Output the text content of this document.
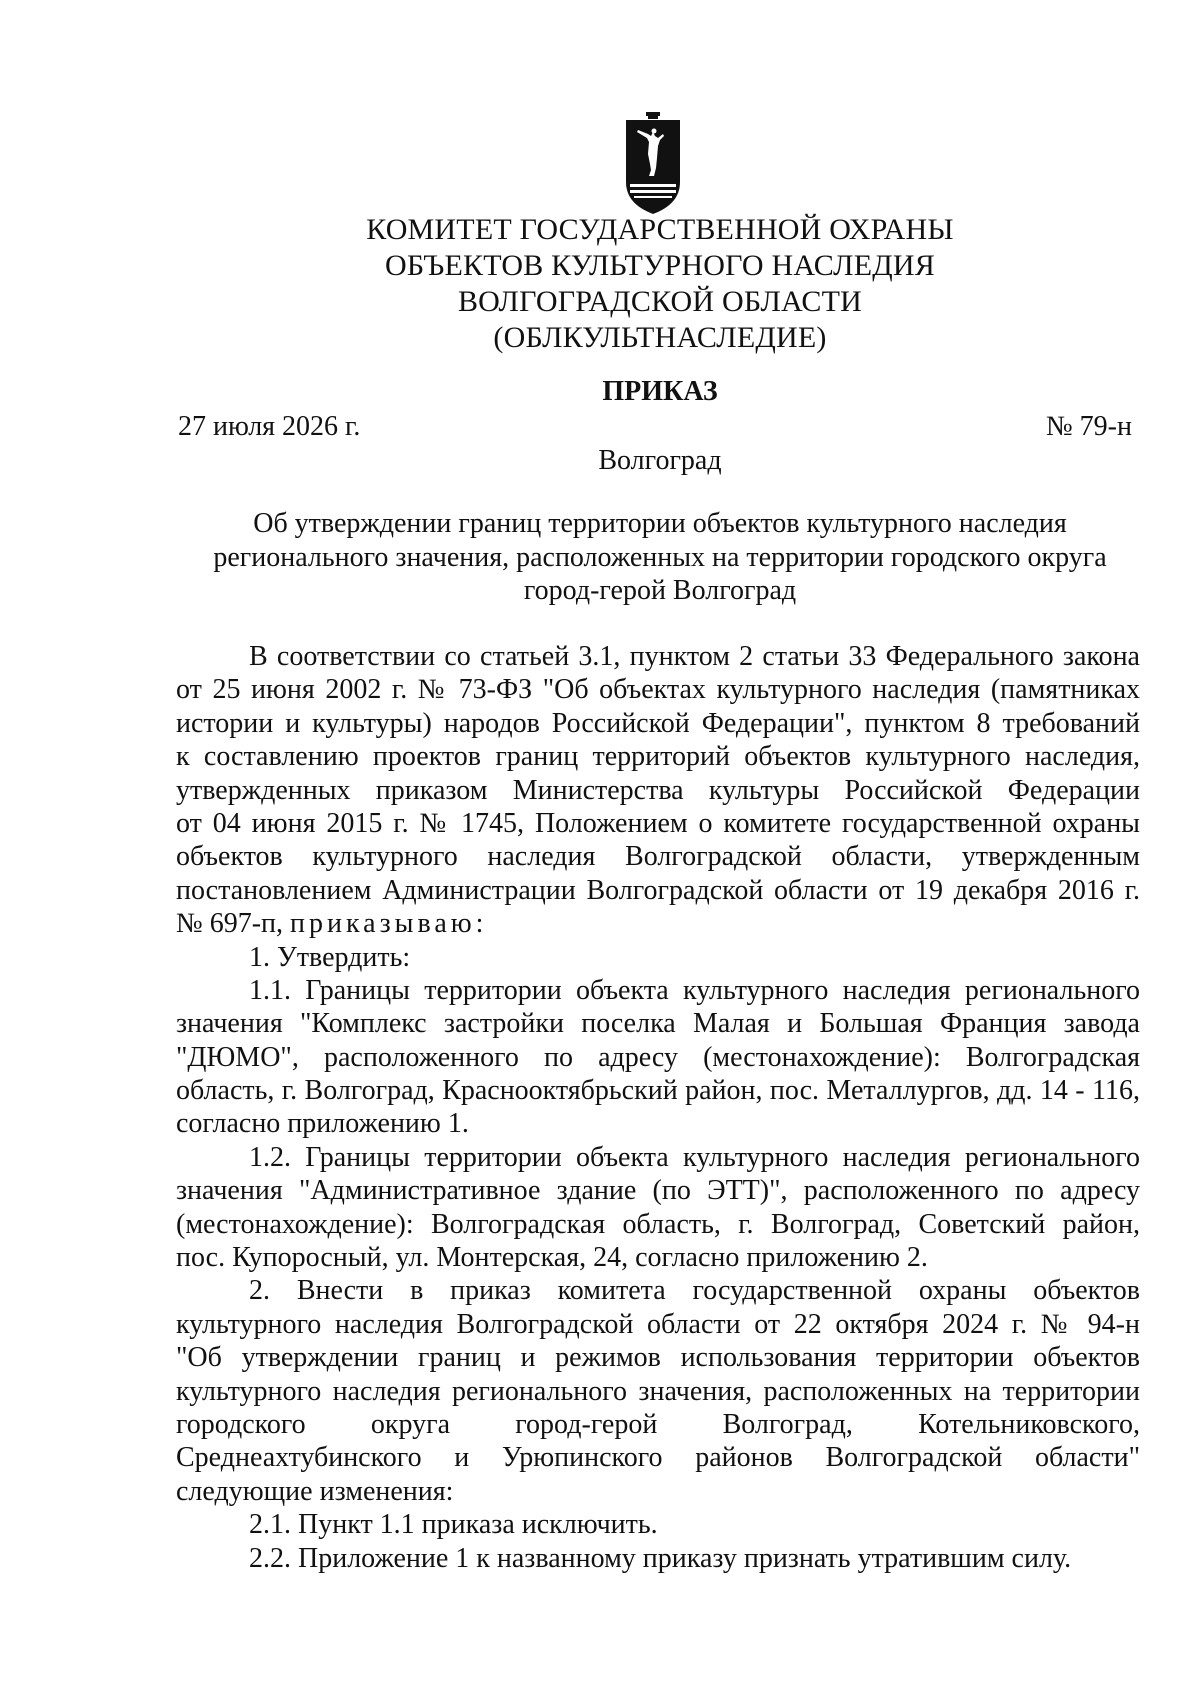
КОМИТЕТ ГОСУДАРСТВЕННОЙ ОХРАНЫ
ОБЪЕКТОВ КУЛЬТУРНОГО НАСЛЕДИЯ
ВОЛГОГРАДСКОЙ ОБЛАСТИ
(ОБЛКУЛЬТНАСЛЕДИЕ)
ПРИКАЗ
27 июля 2026 г.	№ 79-н
Волгоград
Об утверждении границ территории объектов культурного наследия
регионального значения, расположенных на территории городского округа
город-герой Волгоград
В соответствии со статьей 3.1, пунктом 2 статьи 33 Федерального закона
от 25 июня 2002 г. № 73-ФЗ "Об объектах культурного наследия (памятниках
истории и культуры) народов Российской Федерации", пунктом 8 требований
к составлению проектов границ территорий объектов культурного наследия,
утвержденных приказом Министерства культуры Российской Федерации
от 04 июня 2015 г. № 1745, Положением о комитете государственной охраны
объектов культурного наследия Волгоградской области, утвержденным
постановлением Администрации Волгоградской области от 19 декабря 2016 г.
№ 697-п, приказываю:
1. Утвердить:
1.1. Границы территории объекта культурного наследия регионального
значения "Комплекс застройки поселка Малая и Большая Франция завода
"ДЮМО", расположенного по адресу (местонахождение): Волгоградская
область, г. Волгоград, Краснооктябрьский район, пос. Металлургов, дд. 14 - 116,
согласно приложению 1.
1.2. Границы территории объекта культурного наследия регионального
значения "Административное здание (по ЭТТ)", расположенного по адресу
(местонахождение): Волгоградская область, г. Волгоград, Советский район,
пос. Купоросный, ул. Монтерская, 24, согласно приложению 2.
2. Внести в приказ комитета государственной охраны объектов
культурного наследия Волгоградской области от 22 октября 2024 г. № 94-н
"Об утверждении границ и режимов использования территории объектов
культурного наследия регионального значения, расположенных на территории
городского округа город-герой Волгоград, Котельниковского,
Среднеахтубинского и Урюпинского районов Волгоградской области"
следующие изменения:
2.1. Пункт 1.1 приказа исключить.
2.2. Приложение 1 к названному приказу признать утратившим силу.
